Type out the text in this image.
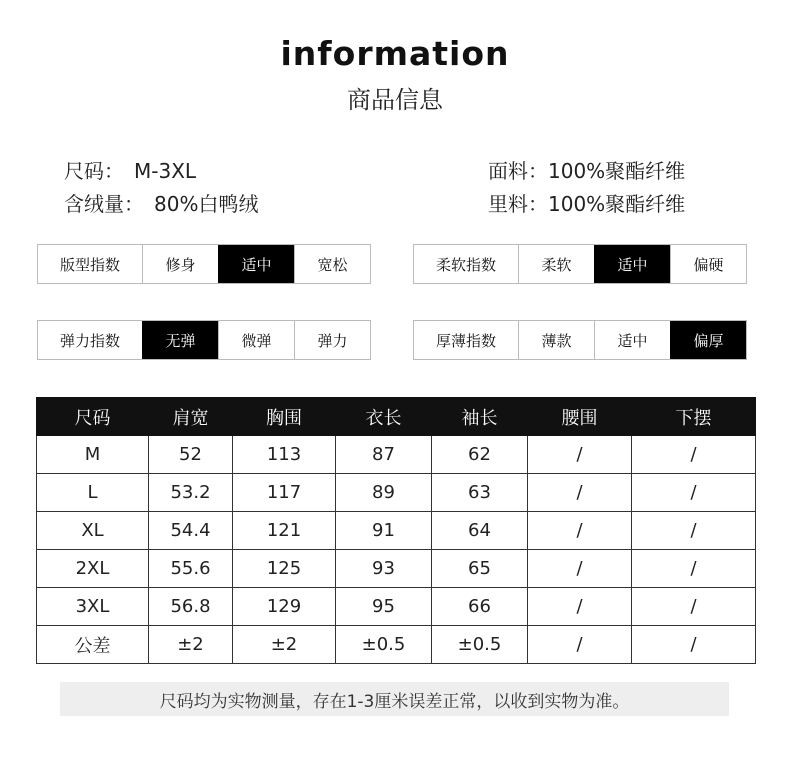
information
商品信息
尺码： M-3XL
含绒量： 80%白鸭绒
面料：100%聚酯纤维
里料：100%聚酯纤维
版型指数	修身	适中	宽松	柔软指数	柔软	适中	偏硬
弹力指数	无弹	微弹	弹力	厚薄指数	薄款	适中	偏厚
尺码	肩宽	胸围	衣长	袖长	腰围	下摆
M	52	113	87	62	/	/
L	53.2	117	89	63	/	/
XL	54.4	121	91	64	/	/
2XL	55.6	125	93	65	/	/
3XL	56.8	129	95	66	/	/
公差	±2	±2	±0.5	±0.5	/	/
尺码均为实物测量，存在1-3厘米误差正常，以收到实物为准。
